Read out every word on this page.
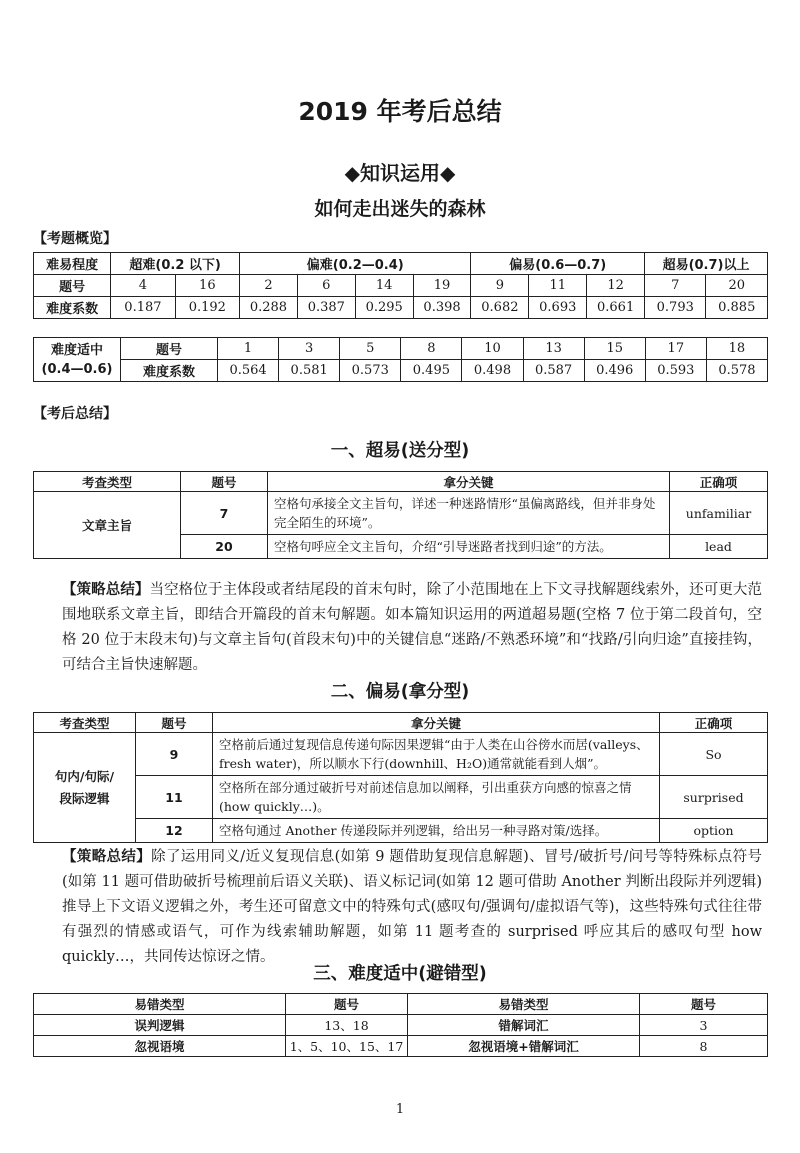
2019 年考后总结
◆知识运用◆
如何走出迷失的森林
【考题概览】
难易程度	超难(0.2 以下)		偏难(0.2—0.4)				偏易(0.6—0.7)			超易(0.7)以上	
题号	4	16	2	6	14	19	9	11	12	7	20
难度系数	0.187	0.192	0.288	0.387	0.295	0.398	0.682	0.693	0.661	0.793	0.885
难度适中
(0.4—0.6)	题号	1	3	5	8	10	13	15	17	18
	难度系数	0.564	0.581	0.573	0.495	0.498	0.587	0.496	0.593	0.578
【考后总结】
一、超易(送分型)
考查类型	题号	拿分关键	正确项
文章主旨	7	空格句承接全文主旨句，详述一种迷路情形“虽偏离路线，但并非身处完全陌生的环境”。	unfamiliar
	20	空格句呼应全文主旨句，介绍“引导迷路者找到归途”的方法。	lead
【策略总结】当空格位于主体段或者结尾段的首末句时，除了小范围地在上下文寻找解题线索外，还可更大范围地联系文章主旨，即结合开篇段的首末句解题。如本篇知识运用的两道超易题(空格 7 位于第二段首句，空格 20 位于末段末句)与文章主旨句(首段末句)中的关键信息“迷路/不熟悉环境”和“找路/引向归途”直接挂钩，可结合主旨快速解题。
二、偏易(拿分型)
考查类型	题号	拿分关键	正确项

句内/句际/
段际逻辑	9	空格前后通过复现信息传递句际因果逻辑“由于人类在山谷傍水而居(valleys、fresh water)，所以顺水下行(downhill、H₂O)通常就能看到人烟”。	So
	11	空格所在部分通过破折号对前述信息加以阐释，引出重获方向感的惊喜之情(how quickly…)。	surprised
	12	空格句通过 Another 传递段际并列逻辑，给出另一种寻路对策/选择。	option
【策略总结】除了运用同义/近义复现信息(如第 9 题借助复现信息解题)、冒号/破折号/问号等特殊标点符号(如第 11 题可借助破折号梳理前后语义关联)、语义标记词(如第 12 题可借助 Another 判断出段际并列逻辑)推导上下文语义逻辑之外，考生还可留意文中的特殊句式(感叹句/强调句/虚拟语气等)，这些特殊句式往往带有强烈的情感或语气，可作为线索辅助解题，如第 11 题考查的 surprised 呼应其后的感叹句型 how quickly…，共同传达惊讶之情。
三、难度适中(避错型)
易错类型	题号	易错类型	题号
误判逻辑	13、18	错解词汇	3
忽视语境	1、5、10、15、17	忽视语境+错解词汇	8
1
